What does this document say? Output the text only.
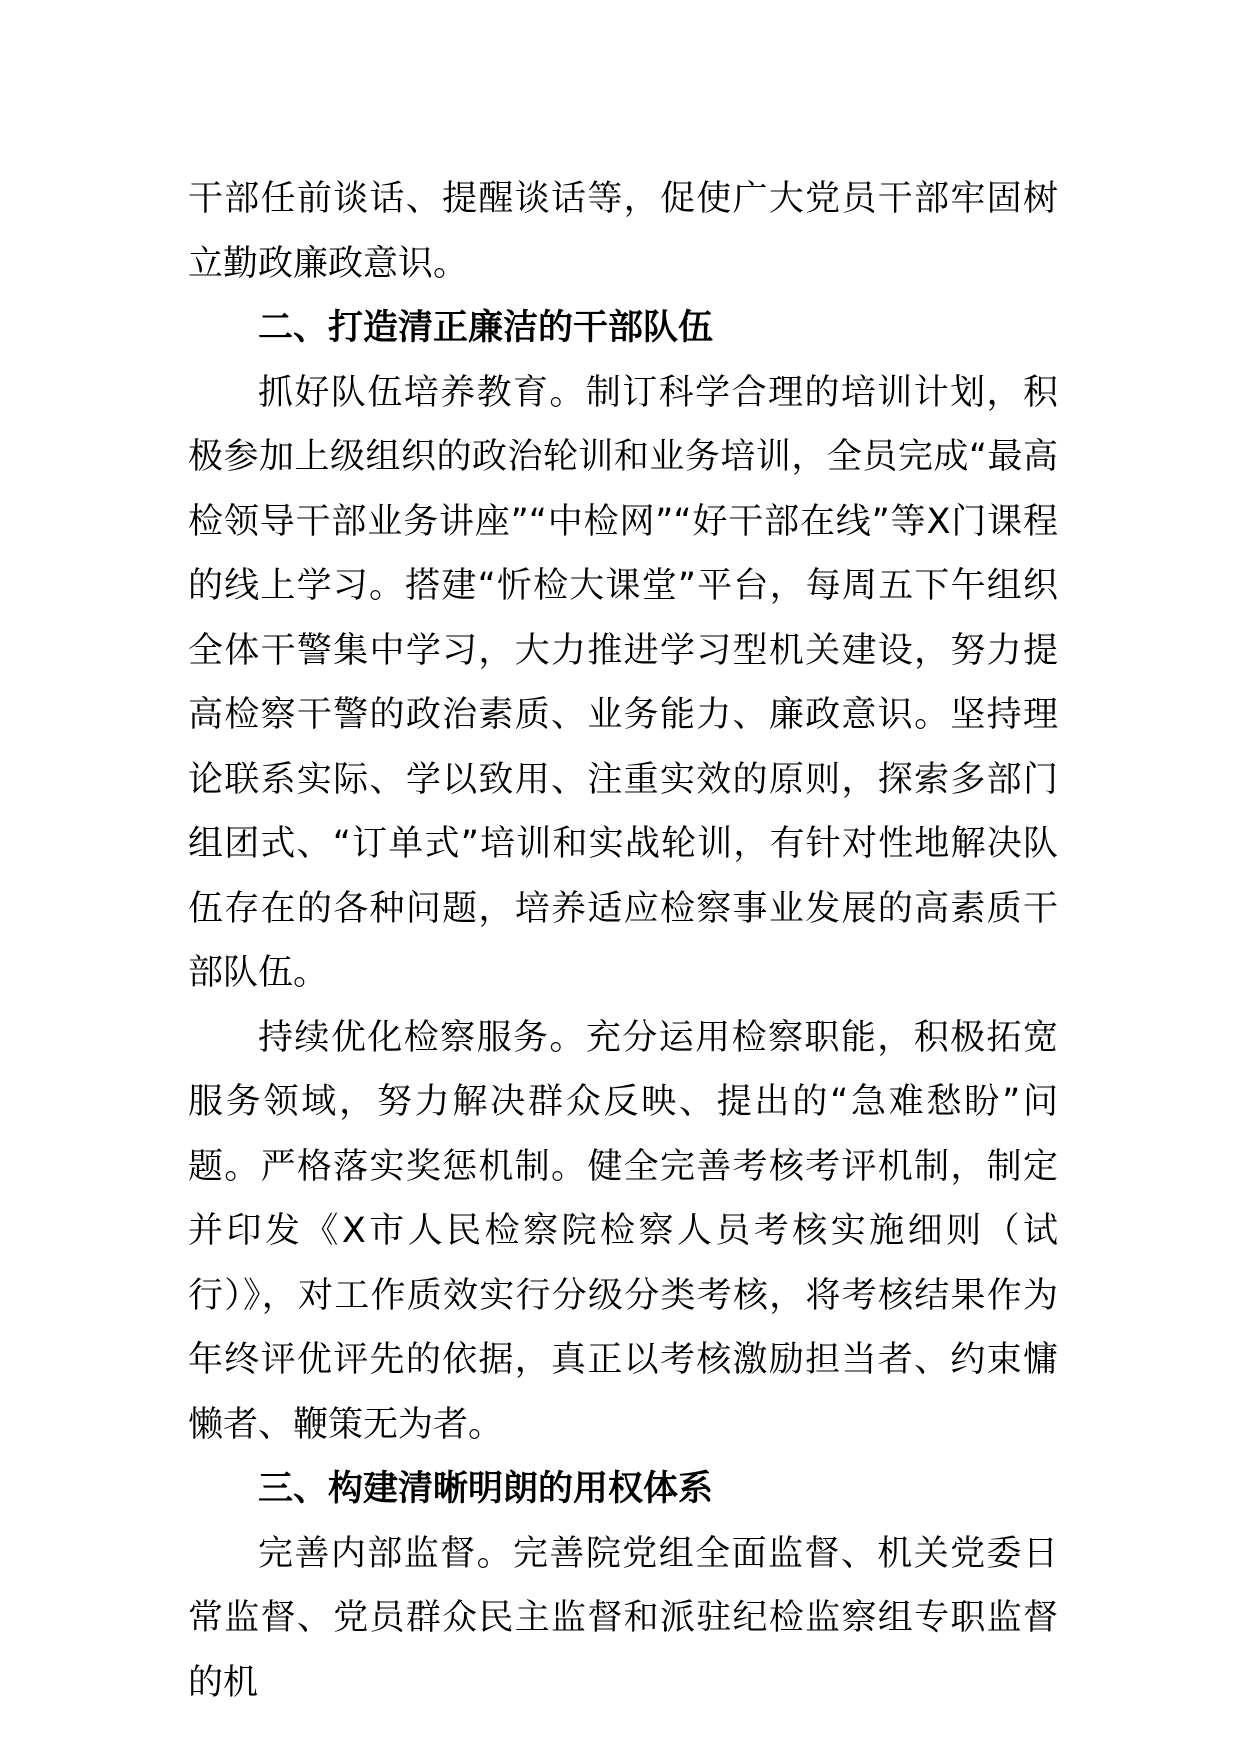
干部任前谈话、提醒谈话等，促使广大党员干部牢固树立勤政廉政意识。

二、打造清正廉洁的干部队伍

抓好队伍培养教育。制订科学合理的培训计划，积极参加上级组织的政治轮训和业务培训，全员完成“最高检领导干部业务讲座”“中检网”“好干部在线”等X门课程的线上学习。搭建“忻检大课堂”平台，每周五下午组织全体干警集中学习，大力推进学习型机关建设，努力提高检察干警的政治素质、业务能力、廉政意识。坚持理论联系实际、学以致用、注重实效的原则，探索多部门组团式、“订单式”培训和实战轮训，有针对性地解决队伍存在的各种问题，培养适应检察事业发展的高素质干部队伍。

持续优化检察服务。充分运用检察职能，积极拓宽服务领域，努力解决群众反映、提出的“急难愁盼”问题。严格落实奖惩机制。健全完善考核考评机制，制定并印发《X市人民检察院检察人员考核实施细则（试行）》，对工作质效实行分级分类考核，将考核结果作为年终评优评先的依据，真正以考核激励担当者、约束慵懒者、鞭策无为者。

三、构建清晰明朗的用权体系

完善内部监督。完善院党组全面监督、机关党委日常监督、党员群众民主监督和派驻纪检监察组专职监督的机
